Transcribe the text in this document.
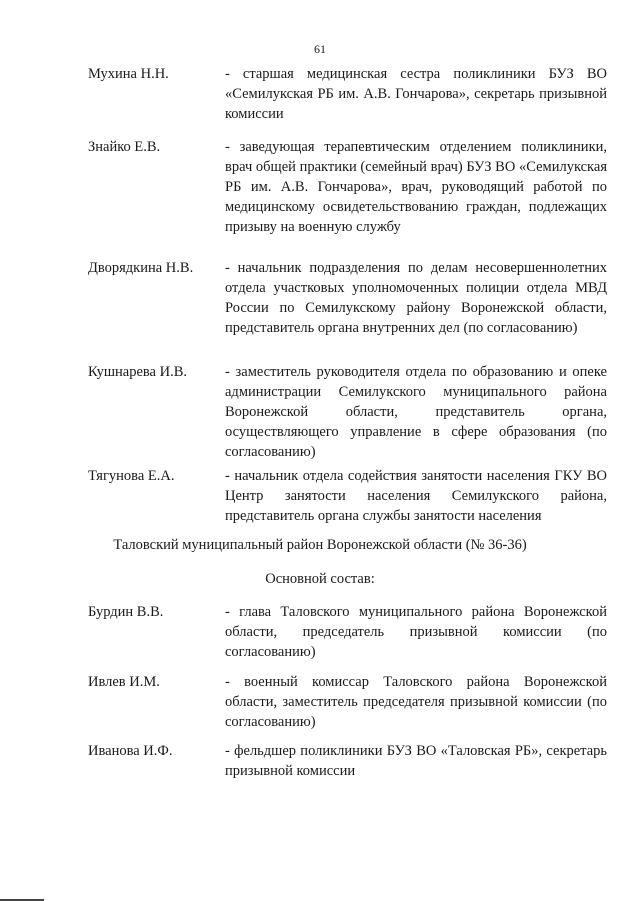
61
Мухина Н.Н.	- старшая медицинская сестра поликлиники БУЗ ВО «Семилукская РБ им. А.В. Гончарова», секретарь призывной комиссии
Знайко Е.В.	- заведующая терапевтическим отделением поликлиники, врач общей практики (семейный врач) БУЗ ВО «Семилукская РБ им. А.В. Гончарова», врач, руководящий работой по медицинскому освидетельствованию граждан, подлежащих призыву на военную службу
Дворядкина Н.В. - начальник подразделения по делам несовершеннолетних отдела участковых уполномоченных полиции отдела МВД России по Семилукскому району Воронежской области, представитель органа внутренних дел (по согласованию)
Кушнарева И.В.	- заместитель руководителя отдела по образованию и опеке администрации Семилукского муниципального района Воронежской области, представитель органа, осуществляющего управление в сфере образования (по согласованию)
Тягунова Е.А.	- начальник отдела содействия занятости населения ГКУ ВО Центр занятости населения Семилукского района, представитель органа службы занятости населения
Таловский муниципальный район Воронежской области (№ 36-36)
Основной состав:
Бурдин В.В.	- глава Таловского муниципального района Воронежской области, председатель призывной комиссии (по согласованию)
Ивлев И.М.	- военный комиссар Таловского района Воронежской области, заместитель председателя призывной комиссии (по согласованию)
Иванова И.Ф.	- фельдшер поликлиники БУЗ ВО «Таловская РБ», секретарь призывной комиссии
